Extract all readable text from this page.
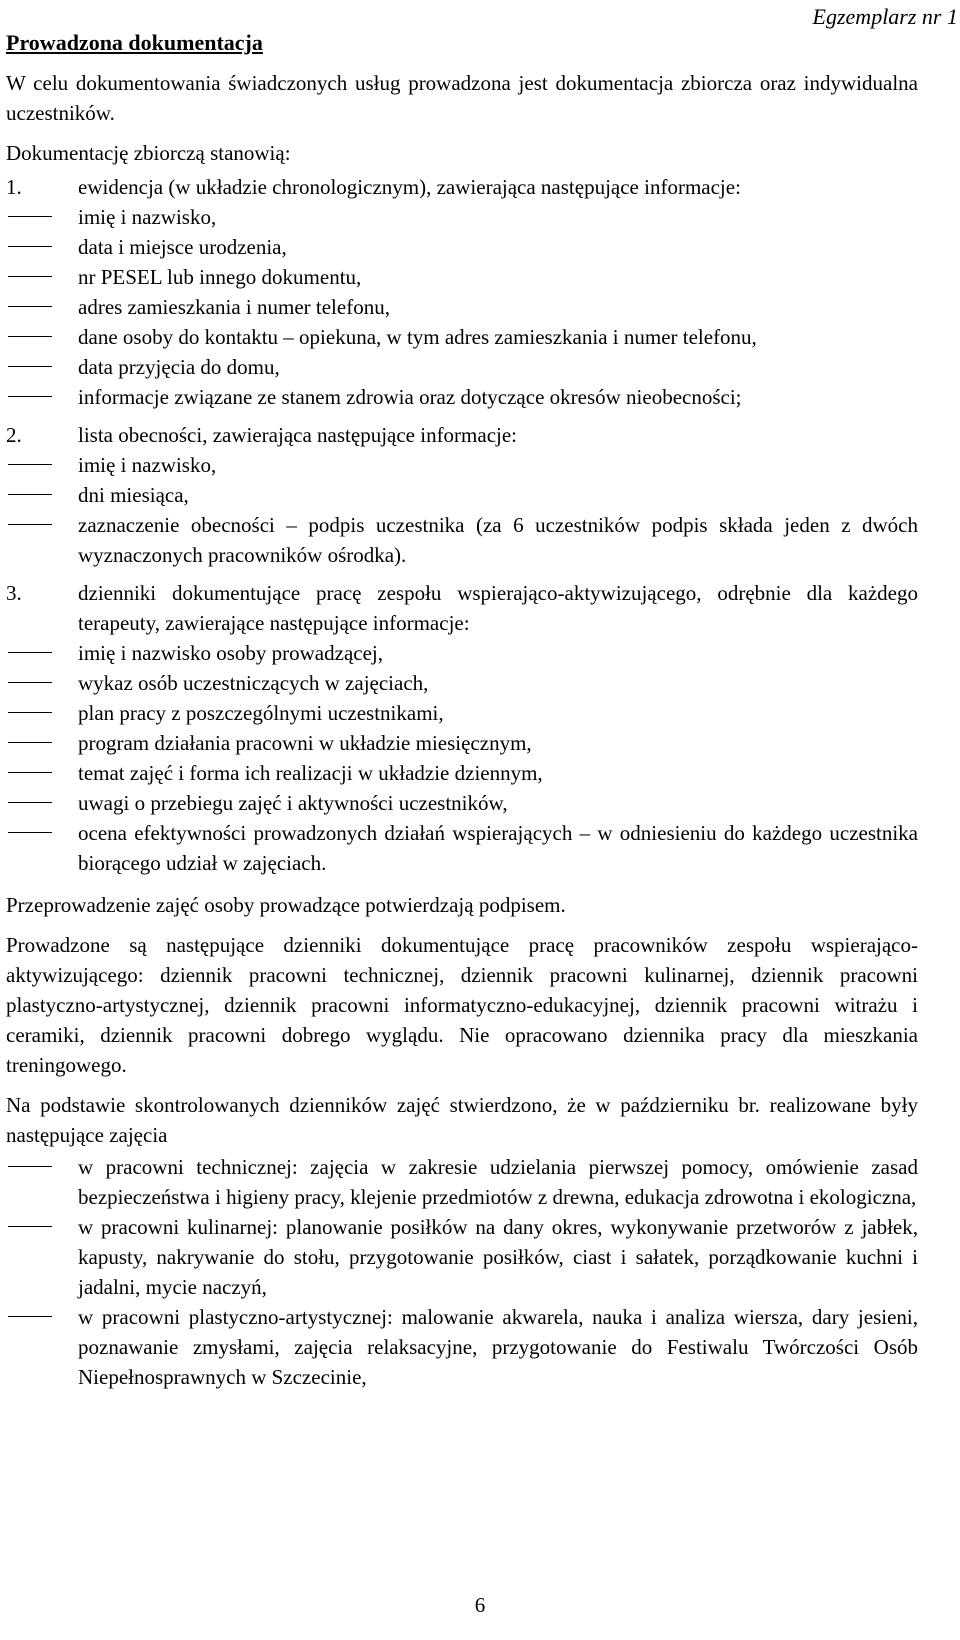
Egzemplarz nr 1
Prowadzona dokumentacja

W celu dokumentowania świadczonych usług prowadzona jest dokumentacja zbiorcza oraz indywidualna uczestników.

Dokumentację zbiorczą stanowią:

1.	ewidencja (w układzie chronologicznym), zawierająca następujące informacje:
imię i nazwisko,
data i miejsce urodzenia,
nr PESEL lub innego dokumentu,
adres zamieszkania i numer telefonu,
dane osoby do kontaktu – opiekuna, w tym adres zamieszkania i numer telefonu,
data przyjęcia do domu,
informacje związane ze stanem zdrowia oraz dotyczące okresów nieobecności;
2.	lista obecności, zawierająca następujące informacje:
imię i nazwisko,
dni miesiąca,
zaznaczenie obecności – podpis uczestnika (za 6 uczestników podpis składa jeden z dwóch wyznaczonych pracowników ośrodka).
3.	dzienniki dokumentujące pracę zespołu wspierająco-aktywizującego, odrębnie dla każdego terapeuty, zawierające następujące informacje:
imię i nazwisko osoby prowadzącej,
wykaz osób uczestniczących w zajęciach,
plan pracy z poszczególnymi uczestnikami,
program działania pracowni w układzie miesięcznym,
temat zajęć i forma ich realizacji w układzie dziennym,
uwagi o przebiegu zajęć i aktywności uczestników,
ocena efektywności prowadzonych działań wspierających – w odniesieniu do każdego uczestnika biorącego udział w zajęciach.

Przeprowadzenie zajęć osoby prowadzące potwierdzają podpisem.

Prowadzone są następujące dzienniki dokumentujące pracę pracowników zespołu wspierająco-aktywizującego: dziennik pracowni technicznej, dziennik pracowni kulinarnej, dziennik pracowni plastyczno-artystycznej, dziennik pracowni informatyczno-edukacyjnej, dziennik pracowni witrażu i ceramiki, dziennik pracowni dobrego wyglądu. Nie opracowano dziennika pracy dla mieszkania treningowego.

Na podstawie skontrolowanych dzienników zajęć stwierdzono, że w październiku br. realizowane były następujące zajęcia

w pracowni technicznej: zajęcia w zakresie udzielania pierwszej pomocy, omówienie zasad bezpieczeństwa i higieny pracy, klejenie przedmiotów z drewna, edukacja zdrowotna i ekologiczna,
w pracowni kulinarnej: planowanie posiłków na dany okres, wykonywanie przetworów z jabłek, kapusty, nakrywanie do stołu, przygotowanie posiłków, ciast i sałatek, porządkowanie kuchni i jadalni, mycie naczyń,
w pracowni plastyczno-artystycznej: malowanie akwarela, nauka i analiza wiersza, dary jesieni, poznawanie zmysłami, zajęcia relaksacyjne, przygotowanie do Festiwalu Twórczości Osób Niepełnosprawnych w Szczecinie,
6
